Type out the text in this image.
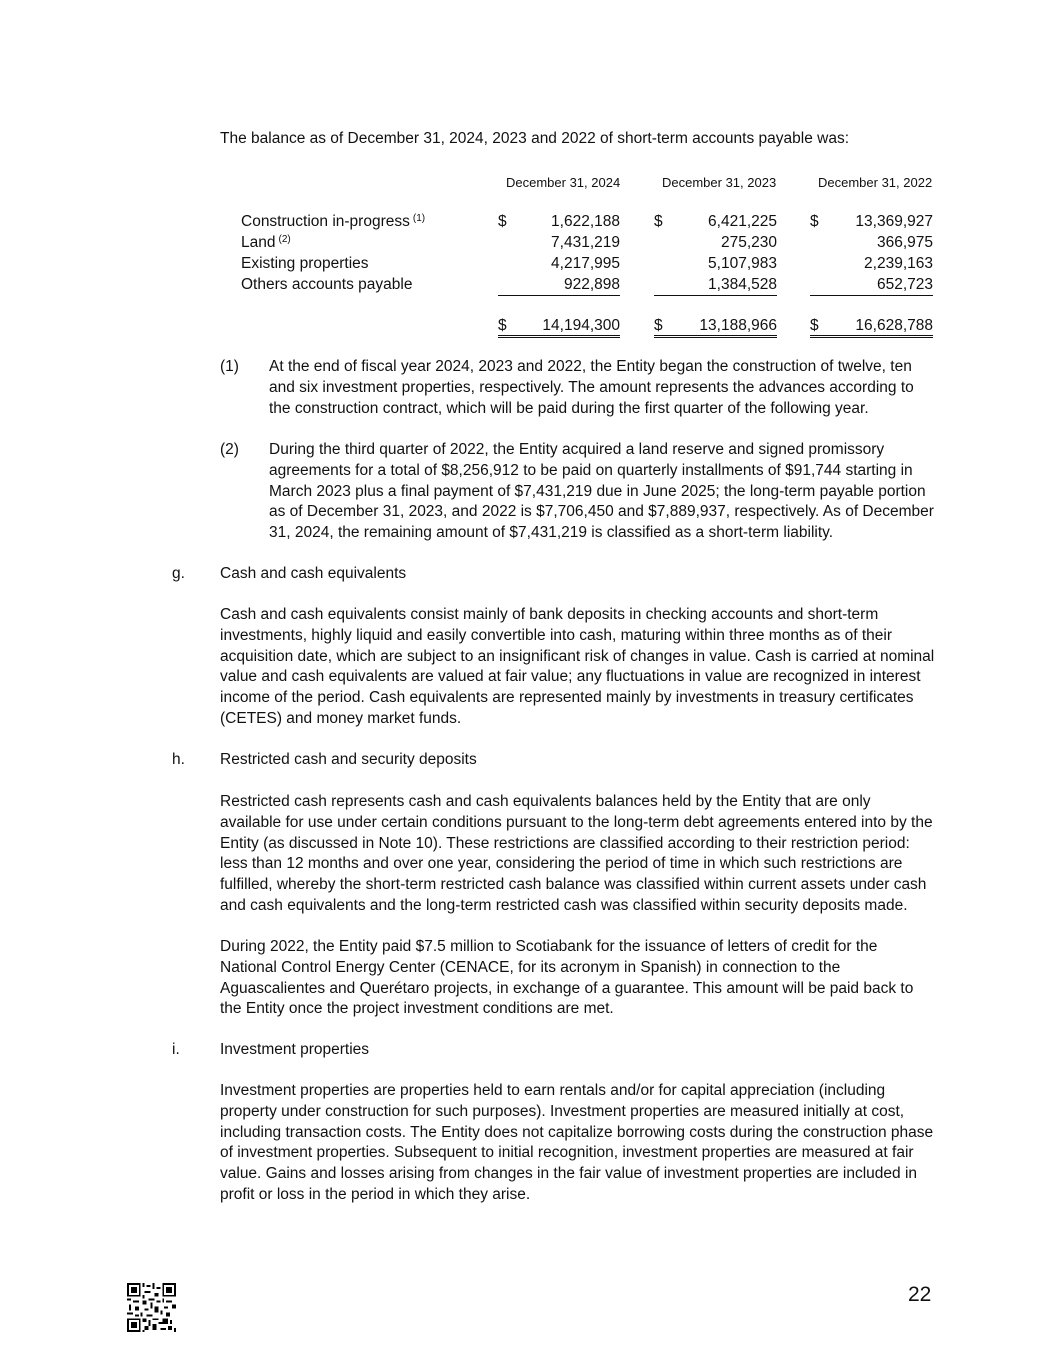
The balance as of December 31, 2024, 2023 and 2022 of short-term accounts payable was:
December 31, 2024	December 31, 2023	December 31, 2022
Construction in-progress $^{(1)}$	$	1,622,188 $	6,421,225 $	13,369,927
Land $^{(2)}$	7,431,219	275,230	366,975
Existing properties	4,217,995	5,107,983	2,239,163
Others accounts payable	922,898	1,384,528	652,723
$ 14,194,300 $ 13,188,966 $ 16,628,788
(1) At the end of fiscal year 2024, 2023 and 2022, the Entity began the construction of twelve, ten and six investment properties, respectively. The amount represents the advances according to the construction contract, which will be paid during the first quarter of the following year.
(2) During the third quarter of 2022, the Entity acquired a land reserve and signed promissory agreements for a total of $8,256,912 to be paid on quarterly installments of $91,744 starting in March 2023 plus a final payment of $7,431,219 due in June 2025; the long-term payable portion as of December 31, 2023, and 2022 is $7,706,450 and $7,889,937, respectively. As of December 31, 2024, the remaining amount of $7,431,219 is classified as a short-term liability.
g. Cash and cash equivalents
Cash and cash equivalents consist mainly of bank deposits in checking accounts and short-term investments, highly liquid and easily convertible into cash, maturing within three months as of their acquisition date, which are subject to an insignificant risk of changes in value. Cash is carried at nominal value and cash equivalents are valued at fair value; any fluctuations in value are recognized in interest income of the period. Cash equivalents are represented mainly by investments in treasury certificates (CETES) and money market funds.
h. Restricted cash and security deposits
Restricted cash represents cash and cash equivalents balances held by the Entity that are only available for use under certain conditions pursuant to the long-term debt agreements entered into by the Entity (as discussed in Note 10). These restrictions are classified according to their restriction period: less than 12 months and over one year, considering the period of time in which such restrictions are fulfilled, whereby the short-term restricted cash balance was classified within current assets under cash and cash equivalents and the long-term restricted cash was classified within security deposits made.
During 2022, the Entity paid $7.5 million to Scotiabank for the issuance of letters of credit for the National Control Energy Center (CENACE, for its acronym in Spanish) in connection to the Aguascalientes and Querétaro projects, in exchange of a guarantee. This amount will be paid back to the Entity once the project investment conditions are met.
i.	Investment properties
Investment properties are properties held to earn rentals and/or for capital appreciation (including property under construction for such purposes). Investment properties are measured initially at cost, including transaction costs. The Entity does not capitalize borrowing costs during the construction phase of investment properties. Subsequent to initial recognition, investment properties are measured at fair value. Gains and losses arising from changes in the fair value of investment properties are included in profit or loss in the period in which they arise.
22
